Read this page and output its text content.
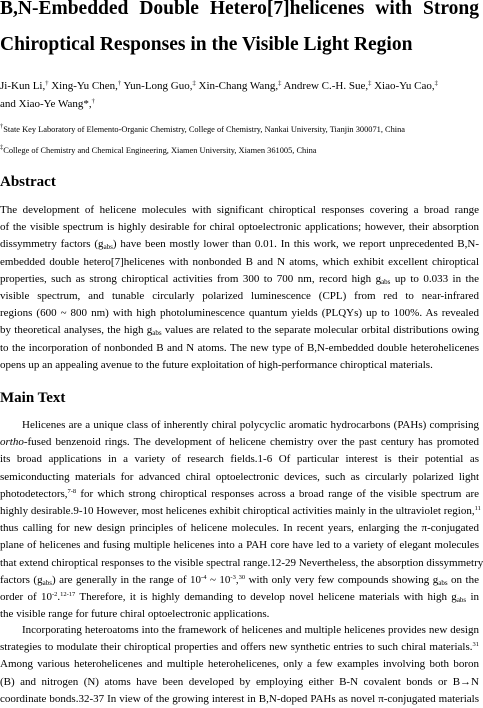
B,N-Embedded Double Hetero[7]helicenes with Strong
Chiroptical Responses in the Visible Light Region
Ji-Kun Li,† Xing-Yu Chen,† Yun-Long Guo,‡ Xin-Chang Wang,‡ Andrew C.-H. Sue,‡ Xiao-Yu Cao,‡
and Xiao-Ye Wang*,†
†State Key Laboratory of Elemento-Organic Chemistry, College of Chemistry, Nankai University, Tianjin 300071, China
‡College of Chemistry and Chemical Engineering, Xiamen University, Xiamen 361005, China
Abstract
The development of helicene molecules with significant chiroptical responses covering a broad range
of the visible spectrum is highly desirable for chiral optoelectronic applications; however, their absorption
dissymmetry factors $(g_{abs})$ have been mostly lower than 0.01. In this work, we report unprecedented B,N-
embedded double hetero[7]helicenes with nonbonded B and N atoms, which exhibit excellent chiroptical
properties, such as strong chiroptical activities from 300 to 700 nm, record high $g_{abs}$ up to 0.033 in the
visible spectrum, and tunable circularly polarized luminescence (CPL) from red to near-infrared
regions (600 ~ 800 nm) with high photoluminescence quantum yields (PLQYs) up to 100%. As revealed
by theoretical analyses, the high $g_{abs}$ values are related to the separate molecular orbital distributions owing
to the incorporation of nonbonded B and N atoms. The new type of B,N-embedded double heterohelicenes
opens up an appealing avenue to the future exploitation of high-performance chiroptical materials.
Main Text
Helicenes are a unique class of inherently chiral polycyclic aromatic hydrocarbons (PAHs) comprising
ortho-fused benzenoid rings. The development of helicene chemistry over the past century has promoted
its broad applications in a variety of research fields.1-6 Of particular interest is their potential as
semiconducting materials for advanced chiral optoelectronic devices, such as circularly polarized light
photodetectors,$^{7-8}$ for which strong chiroptical responses across a broad range of the visible spectrum are
highly desirable.9-10 However, most helicenes exhibit chiroptical activities mainly in the ultraviolet region,$^{11}$
thus calling for new design principles of helicene molecules. In recent years, enlarging the π-conjugated
plane of helicenes and fusing multiple helicenes into a PAH core have led to a variety of elegant molecules
that extend chiroptical responses to the visible spectral range.12-29 Nevertheless, the absorption dissymmetry
factors $(g_{abs})$ are generally in the range of $10^{-4}$ ~ $10^{-3},^{30}$ with only very few compounds showing $g_{abs}$ on the
order of $10^{-2}.^{12-17}$ Therefore, it is highly demanding to develop novel helicene materials with high $g_{abs}$ in
the visible range for future chiral optoelectronic applications.
Incorporating heteroatoms into the framework of helicenes and multiple helicenes provides new design
strategies to modulate their chiroptical properties and offers new synthetic entries to such chiral materials.$^{31}$
Among various heterohelicenes and multiple heterohelicenes, only a few examples involving both boron
(B) and nitrogen (N) atoms have been developed by employing either B-N covalent bonds or B→N
coordinate bonds.32-37 In view of the growing interest in B,N-doped PAHs as novel π-conjugated materials
